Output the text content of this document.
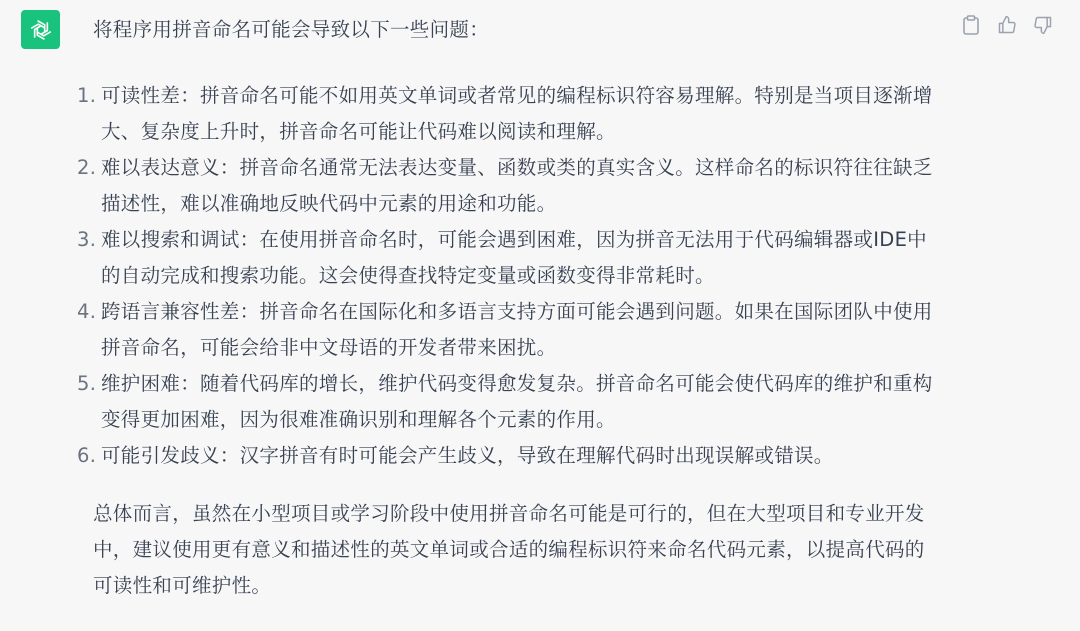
将程序用拼音命名可能会导致以下一些问题：

1. 可读性差：拼音命名可能不如用英文单词或者常见的编程标识符容易理解。特别是当项目逐渐增大、复杂度上升时，拼音命名可能让代码难以阅读和理解。
2. 难以表达意义：拼音命名通常无法表达变量、函数或类的真实含义。这样命名的标识符往往缺乏描述性，难以准确地反映代码中元素的用途和功能。
3. 难以搜索和调试：在使用拼音命名时，可能会遇到困难，因为拼音无法用于代码编辑器或IDE中的自动完成和搜索功能。这会使得查找特定变量或函数变得非常耗时。
4. 跨语言兼容性差：拼音命名在国际化和多语言支持方面可能会遇到问题。如果在国际团队中使用拼音命名，可能会给非中文母语的开发者带来困扰。
5. 维护困难：随着代码库的增长，维护代码变得愈发复杂。拼音命名可能会使代码库的维护和重构变得更加困难，因为很难准确识别和理解各个元素的作用。
6. 可能引发歧义：汉字拼音有时可能会产生歧义，导致在理解代码时出现误解或错误。

总体而言，虽然在小型项目或学习阶段中使用拼音命名可能是可行的，但在大型项目和专业开发中，建议使用更有意义和描述性的英文单词或合适的编程标识符来命名代码元素，以提高代码的可读性和可维护性。
